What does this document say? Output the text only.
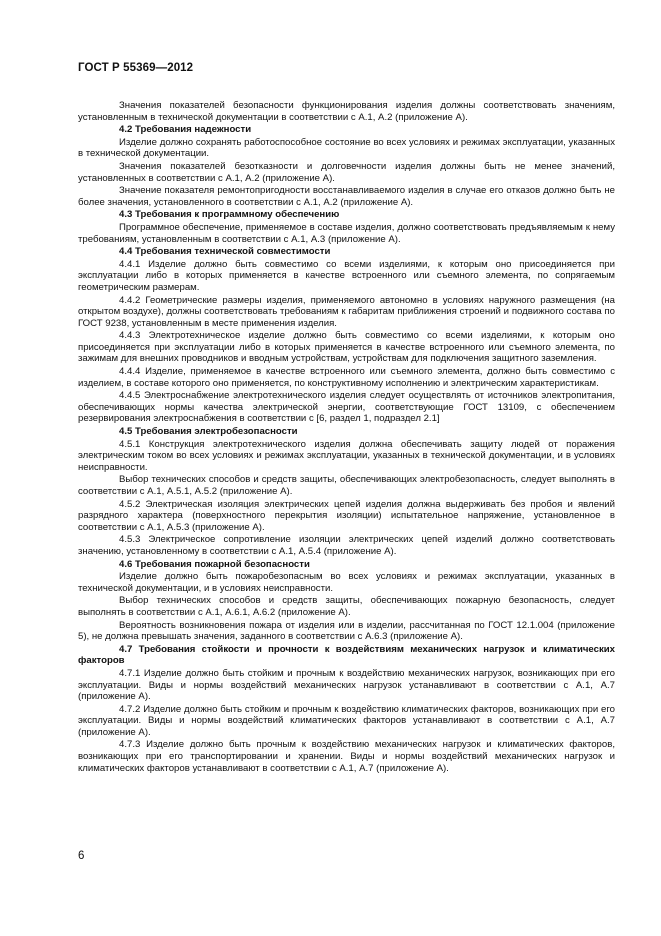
ГОСТ Р 55369—2012
Значения показателей безопасности функционирования изделия должны соответствовать значениям, установленным в технической документации в соответствии с А.1, А.2 (приложение А).
4.2 Требования надежности
Изделие должно сохранять работоспособное состояние во всех условиях и режимах эксплуатации, указанных в технической документации.
Значения показателей безотказности и долговечности изделия должны быть не менее значений, установленных в соответствии с А.1, А.2 (приложение А).
Значение показателя ремонтопригодности восстанавливаемого изделия в случае его отказов должно быть не более значения, установленного в соответствии с А.1, А.2 (приложение А).
4.3 Требования к программному обеспечению
Программное обеспечение, применяемое в составе изделия, должно соответствовать предъявляемым к нему требованиям, установленным в соответствии с А.1, А.3 (приложение А).
4.4 Требования технической совместимости
4.4.1 Изделие должно быть совместимо со всеми изделиями, к которым оно присоединяется при эксплуатации либо в которых применяется в качестве встроенного или съемного элемента, по сопрягаемым геометрическим размерам.
4.4.2 Геометрические размеры изделия, применяемого автономно в условиях наружного размещения (на открытом воздухе), должны соответствовать требованиям к габаритам приближения строений и подвижного состава по ГОСТ 9238, установленным в месте применения изделия.
4.4.3 Электротехническое изделие должно быть совместимо со всеми изделиями, к которым оно присоединяется при эксплуатации либо в которых применяется в качестве встроенного или съемного элемента, по зажимам для внешних проводников и вводным устройствам, устройствам для подключения защитного заземления.
4.4.4 Изделие, применяемое в качестве встроенного или съемного элемента, должно быть совместимо с изделием, в составе которого оно применяется, по конструктивному исполнению и электрическим характеристикам.
4.4.5 Электроснабжение электротехнического изделия следует осуществлять от источников электропитания, обеспечивающих нормы качества электрической энергии, соответствующие ГОСТ 13109, с обеспечением резервирования электроснабжения в соответствии с [6, раздел 1, подраздел 2.1]
4.5 Требования электробезопасности
4.5.1 Конструкция электротехнического изделия должна обеспечивать защиту людей от поражения электрическим током во всех условиях и режимах эксплуатации, указанных в технической документации, и в условиях неисправности.
Выбор технических способов и средств защиты, обеспечивающих электробезопасность, следует выполнять в соответствии с А.1, А.5.1, А.5.2 (приложение А).
4.5.2 Электрическая изоляция электрических цепей изделия должна выдерживать без пробоя и явлений разрядного характера (поверхностного перекрытия изоляции) испытательное напряжение, установленное в соответствии с А.1, А.5.3 (приложение А).
4.5.3 Электрическое сопротивление изоляции электрических цепей изделий должно соответствовать значению, установленному в соответствии с А.1, А.5.4 (приложение А).
4.6 Требования пожарной безопасности
Изделие должно быть пожаробезопасным во всех условиях и режимах эксплуатации, указанных в технической документации, и в условиях неисправности.
Выбор технических способов и средств защиты, обеспечивающих пожарную безопасность, следует выполнять в соответствии с А.1, А.6.1, А.6.2 (приложение А).
Вероятность возникновения пожара от изделия или в изделии, рассчитанная по ГОСТ 12.1.004 (приложение 5), не должна превышать значения, заданного в соответствии с А.6.3 (приложение А).
4.7 Требования стойкости и прочности к воздействиям механических нагрузок и климатических факторов
4.7.1 Изделие должно быть стойким и прочным к воздействию механических нагрузок, возникающих при его эксплуатации. Виды и нормы воздействий механических нагрузок устанавливают в соответствии с А.1, А.7 (приложение А).
4.7.2 Изделие должно быть стойким и прочным к воздействию климатических факторов, возникающих при его эксплуатации. Виды и нормы воздействий климатических факторов устанавливают в соответствии с А.1, А.7 (приложение А).
4.7.3 Изделие должно быть прочным к воздействию механических нагрузок и климатических факторов, возникающих при его транспортировании и хранении. Виды и нормы воздействий механических нагрузок и климатических факторов устанавливают в соответствии с А.1, А.7 (приложение А).
6
